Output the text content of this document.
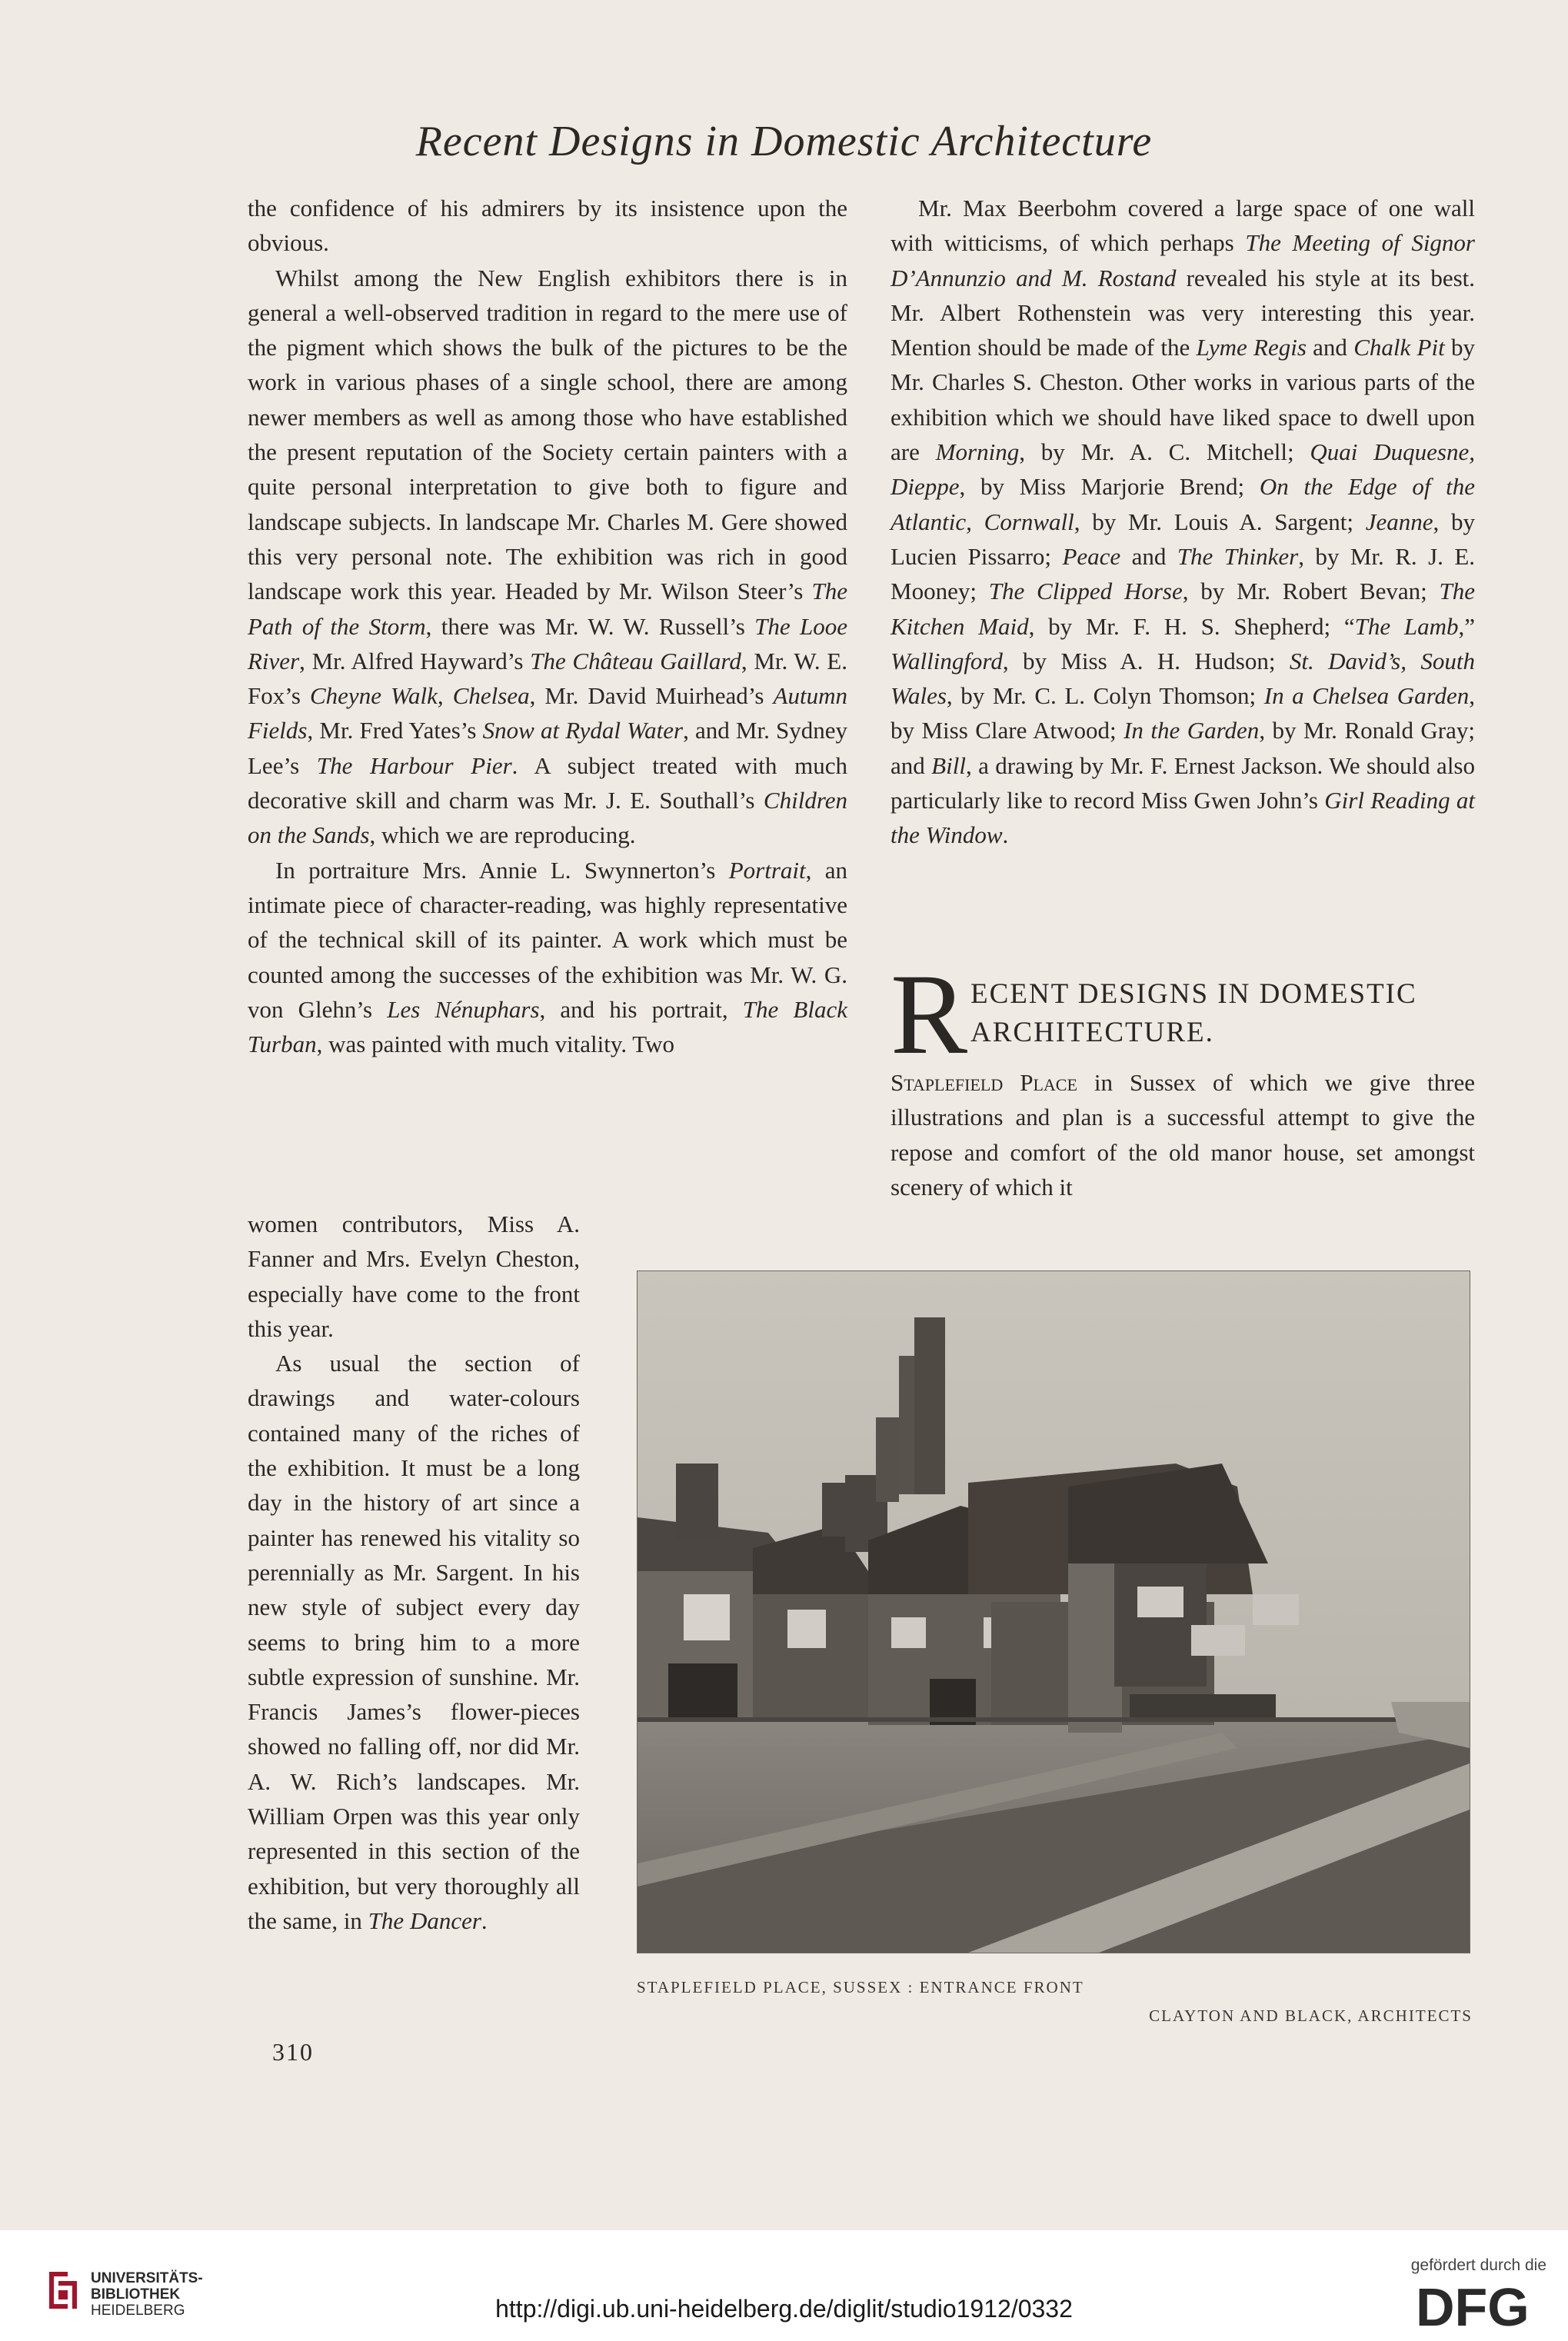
Recent Designs in Domestic Architecture

the confidence of his admirers by its insistence upon the obvious.

Whilst among the New English exhibitors there is in general a well-observed tradition in regard to the mere use of the pigment which shows the bulk of the pictures to be the work in various phases of a single school, there are among newer members as well as among those who have established the present reputation of the Society certain painters with a quite personal interpretation to give both to figure and landscape subjects. In landscape Mr. Charles M. Gere showed this very personal note. The exhibition was rich in good landscape work this year. Headed by Mr. Wilson Steer’s The Path of the Storm, there was Mr. W. W. Russell’s The Looe River, Mr. Alfred Hayward’s The Château Gaillard, Mr. W. E. Fox’s Cheyne Walk, Chelsea, Mr. David Muirhead’s Autumn Fields, Mr. Fred Yates’s Snow at Rydal Water, and Mr. Sydney Lee’s The Harbour Pier. A subject treated with much decorative skill and charm was Mr. J. E. Southall’s Children on the Sands, which we are reproducing.

In portraiture Mrs. Annie L. Swynnerton’s Portrait, an intimate piece of character-reading, was highly representative of the technical skill of its painter. A work which must be counted among the successes of the exhibition was Mr. W. G. von Glehn’s Les Nénuphars, and his portrait, The Black Turban, was painted with much vitality. Two

Mr. Max Beerbohm covered a large space of one wall with witticisms, of which perhaps The Meeting of Signor D’Annunzio and M. Rostand revealed his style at its best. Mr. Albert Rothenstein was very interesting this year. Mention should be made of the Lyme Regis and Chalk Pit by Mr. Charles S. Cheston. Other works in various parts of the exhibition which we should have liked space to dwell upon are Morning, by Mr. A. C. Mitchell; Quai Duquesne, Dieppe, by Miss Marjorie Brend; On the Edge of the Atlantic, Cornwall, by Mr. Louis A. Sargent; Jeanne, by Lucien Pissarro; Peace and The Thinker, by Mr. R. J. E. Mooney; The Clipped Horse, by Mr. Robert Bevan; The Kitchen Maid, by Mr. F. H. S. Shepherd; “The Lamb,” Wallingford, by Miss A. H. Hudson; St. David’s, South Wales, by Mr. C. L. Colyn Thomson; In a Chelsea Garden, by Miss Clare Atwood; In the Garden, by Mr. Ronald Gray; and Bill, a drawing by Mr. F. Ernest Jackson. We should also particularly like to record Miss Gwen John’s Girl Reading at the Window.

women contributors, Miss A. Fanner and Mrs. Evelyn Cheston, especially have come to the front this year.

As usual the section of drawings and water-colours contained many of the riches of the exhibition. It must be a long day in the history of art since a painter has renewed his vitality so perennially as Mr. Sargent. In his new style of subject every day seems to bring him to a more subtle expression of sunshine. Mr. Francis James’s flower-pieces showed no falling off, nor did Mr. A. W. Rich’s landscapes. Mr. William Orpen was this year only represented in this section of the exhibition, but very thoroughly all the same, in The Dancer.

R ECENT DESIGNS IN DOMESTIC
ARCHITECTURE.

Staplefield Place in Sussex of which we give three illustrations and plan is a successful attempt to give the repose and comfort of the old manor house, set amongst scenery of which it

STAPLEFIELD PLACE, SUSSEX : ENTRANCE FRONT
CLAYTON AND BLACK, ARCHITECTS
310
UNIVERSITÄTS-
BIBLIOTHEK
HEIDELBERG	http://digi.ub.uni-heidelberg.de/diglit/studio1912/0332
gefördert durch die
DFG
